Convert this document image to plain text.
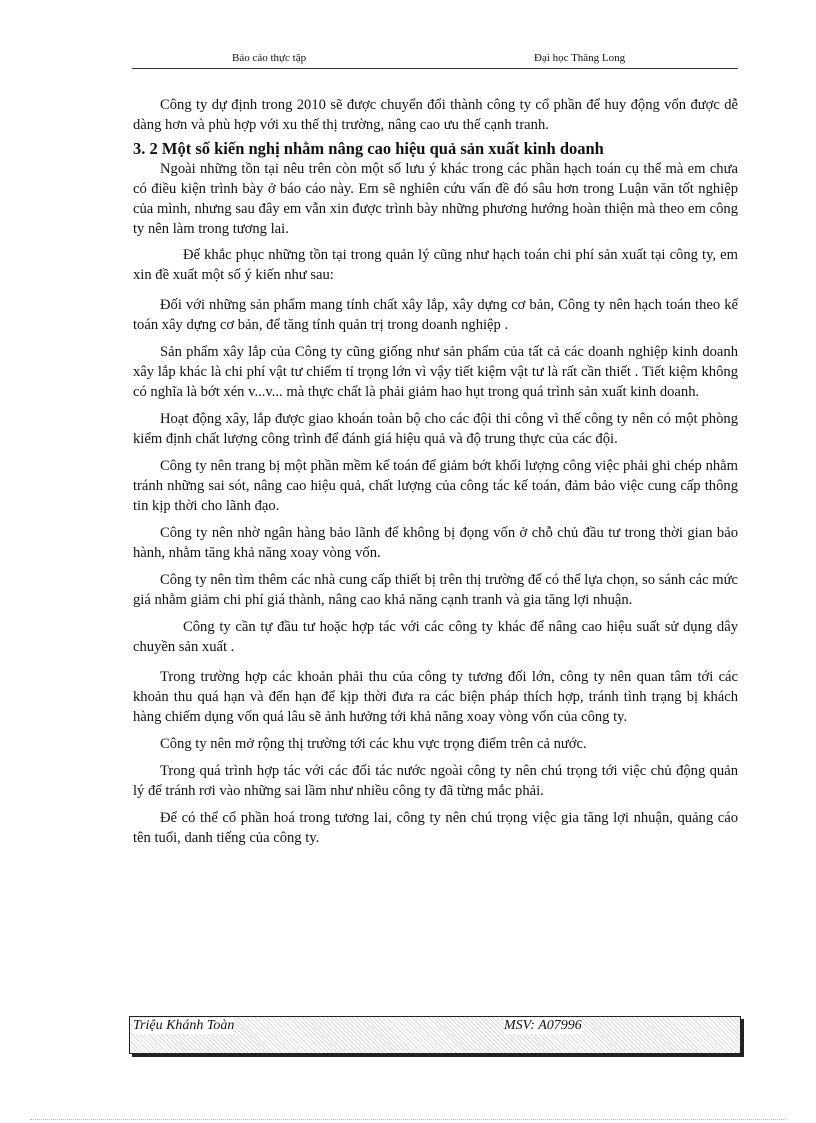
Báo cáo thực tập	Đại học Thăng Long

Công ty dự định trong 2010 sẽ được chuyển đổi thành công ty cổ phần để huy động vốn được dễ dàng hơn và phù hợp với xu thế thị trường, nâng cao ưu thế cạnh tranh.

3. 2 Một số kiến nghị nhằm nâng cao hiệu quả sản xuất kinh doanh

Ngoài những tồn tại nêu trên còn một số lưu ý khác trong các phần hạch toán cụ thể mà em chưa có điều kiện trình bày ở báo cáo này. Em sẽ nghiên cứu vấn đề đó sâu hơn trong Luận văn tốt nghiệp của mình, nhưng sau đây em vẫn xin được trình bày những phương hướng hoàn thiện mà theo em công ty nên làm trong tương lai.

Để khắc phục những tồn tại trong quản lý cũng như hạch toán chi phí sản xuất tại công ty, em xin đề xuất một số ý kiến như sau:

Đối với những sản phẩm mang tính chất xây lắp, xây dựng cơ bản, Công ty nên hạch toán theo kế toán xây dựng cơ bản, để tăng tính quản trị trong doanh nghiệp .

Sản phẩm xây lắp của Công ty cũng giống như sản phẩm của tất cả các doanh nghiệp kinh doanh xây lắp khác là chi phí vật tư chiếm tỉ trọng lớn vì vậy tiết kiệm vật tư là rất cần thiết . Tiết kiệm không có nghĩa là bớt xén v...v... mà thực chất là phải giảm hao hụt trong quá trình sản xuất kinh doanh.

Hoạt động xây, lắp được giao khoán toàn bộ cho các đội thi công vì thế công ty nên có một phòng kiểm định chất lượng công trình để đánh giá hiệu quả và độ trung thực của các đội.

Công ty nên trang bị một phần mềm kế toán để giảm bớt khối lượng công việc phải ghi chép nhằm tránh những sai sót, nâng cao hiệu quả, chất lượng của công tác kế toán, đảm bảo việc cung cấp thông tin kịp thời cho lãnh đạo.

Công ty nên nhờ ngân hàng bảo lãnh để không bị đọng vốn ở chỗ chủ đầu tư trong thời gian bảo hành, nhằm tăng khả năng xoay vòng vốn.

Công ty nên tìm thêm các nhà cung cấp thiết bị trên thị trường để có thể lựa chọn, so sánh các mức giá nhằm giảm chi phí giá thành, nâng cao khả năng cạnh tranh và gia tăng lợi nhuận.

Công ty cần tự đầu tư hoặc hợp tác với các công ty khác để nâng cao hiệu suất sử dụng dây chuyền sản xuất .

Trong trường hợp các khoản phải thu của công ty tương đối lớn, công ty nên quan tâm tới các khoản thu quá hạn và đến hạn để kịp thời đưa ra các biện pháp thích hợp, tránh tình trạng bị khách hàng chiếm dụng vốn quá lâu sẽ ảnh hưởng tới khả năng xoay vòng vốn của công ty.

Công ty nên mở rộng thị trường tới các khu vực trọng điểm trên cả nước.

Trong quá trình hợp tác với các đối tác nước ngoài công ty nên chú trọng tới việc chủ động quản lý để tránh rơi vào những sai lầm như nhiều công ty đã từng mắc phải.

Để có thể cổ phần hoá trong tương lai, công ty nên chú trọng việc gia tăng lợi nhuận, quảng cáo tên tuổi, danh tiếng của công ty.

Triệu Khánh Toàn	MSV: A07996
